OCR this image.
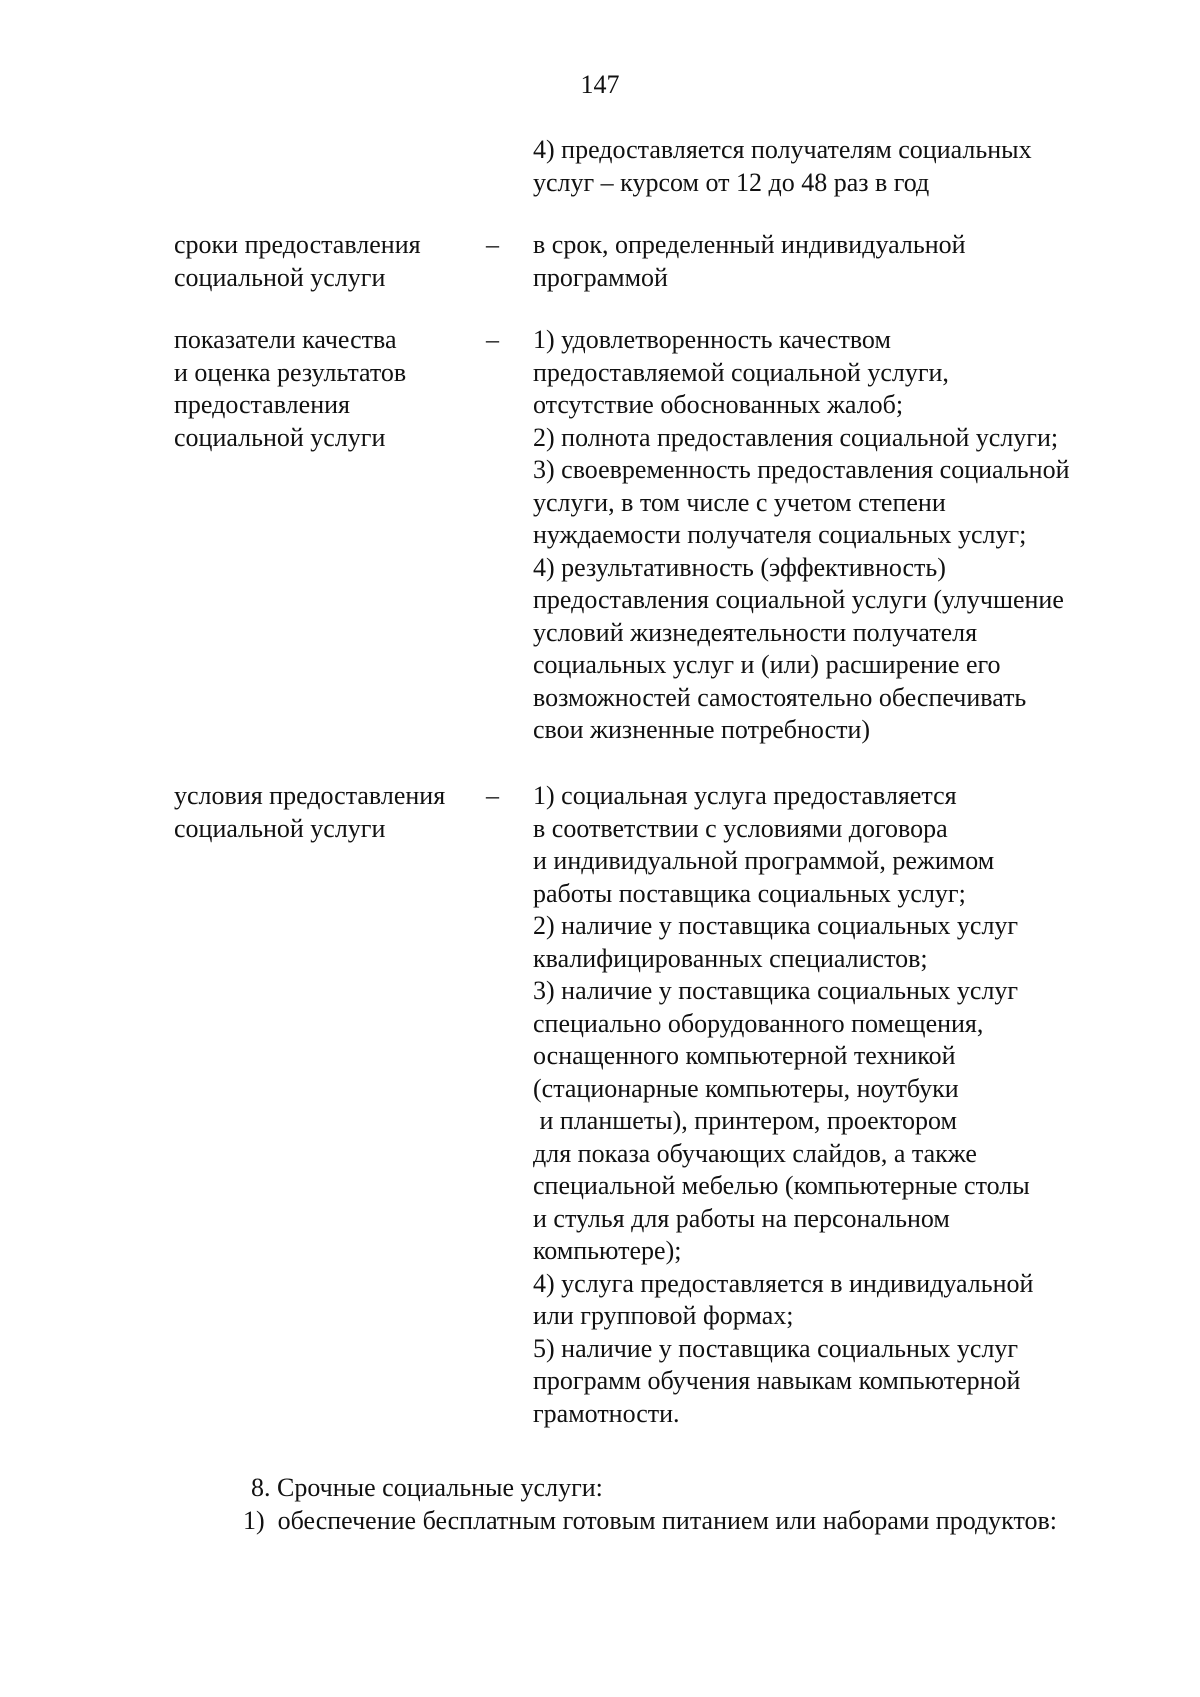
147
4) предоставляется получателям социальных
услуг – курсом от 12 до 48 раз в год
сроки предоставления
социальной услуги
– в срок, определенный индивидуальной
программой
показатели качества
и оценка результатов
предоставления
социальной услуги
– 1) удовлетворенность качеством
предоставляемой социальной услуги,
отсутствие обоснованных жалоб;
2) полнота предоставления социальной услуги;
3) своевременность предоставления социальной
услуги, в том числе с учетом степени
нуждаемости получателя социальных услуг;
4) результативность (эффективность)
предоставления социальной услуги (улучшение
условий жизнедеятельности получателя
социальных услуг и (или) расширение его
возможностей самостоятельно обеспечивать
свои жизненные потребности)
условия предоставления
социальной услуги
– 1) социальная услуга предоставляется
в соответствии с условиями договора
и индивидуальной программой, режимом
работы поставщика социальных услуг;
2) наличие у поставщика социальных услуг
квалифицированных специалистов;
3) наличие у поставщика социальных услуг
специально оборудованного помещения,
оснащенного компьютерной техникой
(стационарные компьютеры, ноутбуки
и планшеты), принтером, проектором
для показа обучающих слайдов, а также
специальной мебелью (компьютерные столы
и стулья для работы на персональном
компьютере);
4) услуга предоставляется в индивидуальной
или групповой формах;
5) наличие у поставщика социальных услуг
программ обучения навыкам компьютерной
грамотности.
8. Срочные социальные услуги:
1)  обеспечение бесплатным готовым питанием или наборами продуктов:
